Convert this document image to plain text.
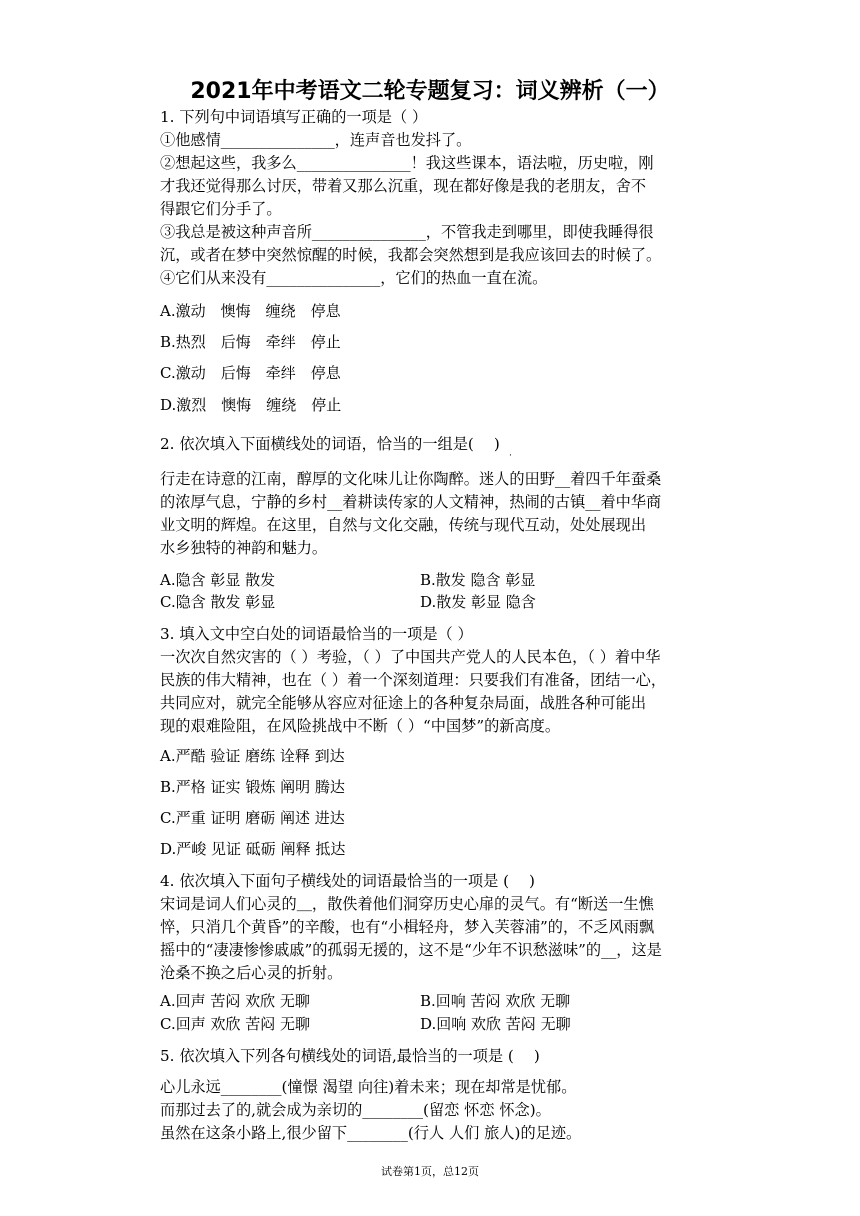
2021年中考语文二轮专题复习：词义辨析（一）
1. 下列句中词语填写正确的一项是（ ）
①他感情_______________，连声音也发抖了。
②想起这些，我多么_______________！我这些课本，语法啦，历史啦，刚
才我还觉得那么讨厌，带着又那么沉重，现在都好像是我的老朋友，舍不
得跟它们分手了。
③我总是被这种声音所_______________，不管我走到哪里，即使我睡得很
沉，或者在梦中突然惊醒的时候，我都会突然想到是我应该回去的时候了。
④它们从来没有_______________，它们的热血一直在流。
A.激动　懊悔　缠绕　停息
B.热烈　后悔　牵绊　停止
C.激动　后悔　牵绊　停息
D.激烈　懊悔　缠绕　停止
2. 依次填入下面横线处的词语，恰当的一组是(　 )
·
行走在诗意的江南，醇厚的文化味儿让你陶醉。迷人的田野__着四千年蚕桑
的浓厚气息，宁静的乡村__着耕读传家的人文精神，热闹的古镇__着中华商
业文明的辉煌。在这里，自然与文化交融，传统与现代互动，处处展现出
水乡独特的神韵和魅力。
A.隐含 彰显 散发	B.散发 隐含 彰显
C.隐含 散发 彰显	D.散发 彰显 隐含
3. 填入文中空白处的词语最恰当的一项是（ ）
一次次自然灾害的（ ）考验，（ ）了中国共产党人的人民本色，（ ）着中华
民族的伟大精神，也在（ ）着一个深刻道理：只要我们有准备，团结一心，
共同应对，就完全能够从容应对征途上的各种复杂局面，战胜各种可能出
现的艰难险阻，在风险挑战中不断（ ）“中国梦”的新高度。
A.严酷 验证 磨练 诠释 到达
B.严格 证实 锻炼 阐明 腾达
C.严重 证明 磨砺 阐述 进达
D.严峻 见证 砥砺 阐释 抵达
4. 依次填入下面句子横线处的词语最恰当的一项是 (　 )
宋词是词人们心灵的＿，散佚着他们洞穿历史心扉的灵气。有“断送一生憔
悴，只消几个黄昏”的辛酸，也有“小楫轻舟，梦入芙蓉浦”的，不乏风雨飘
摇中的“凄凄惨惨戚戚”的孤弱无援的，这不是“少年不识愁滋味”的__，这是
沧桑不换之后心灵的折射。
A.回声 苦闷 欢欣 无聊	B.回响 苦闷 欢欣 无聊
C.回声 欢欣 苦闷 无聊	D.回响 欢欣 苦闷 无聊
5. 依次填入下列各句横线处的词语,最恰当的一项是 (　 )
心儿永远________(憧憬 渴望 向往)着未来；现在却常是忧郁。
而那过去了的,就会成为亲切的________(留恋 怀恋 怀念)。
虽然在这条小路上,很少留下________(行人 人们 旅人)的足迹。
试卷第1页，总12页
